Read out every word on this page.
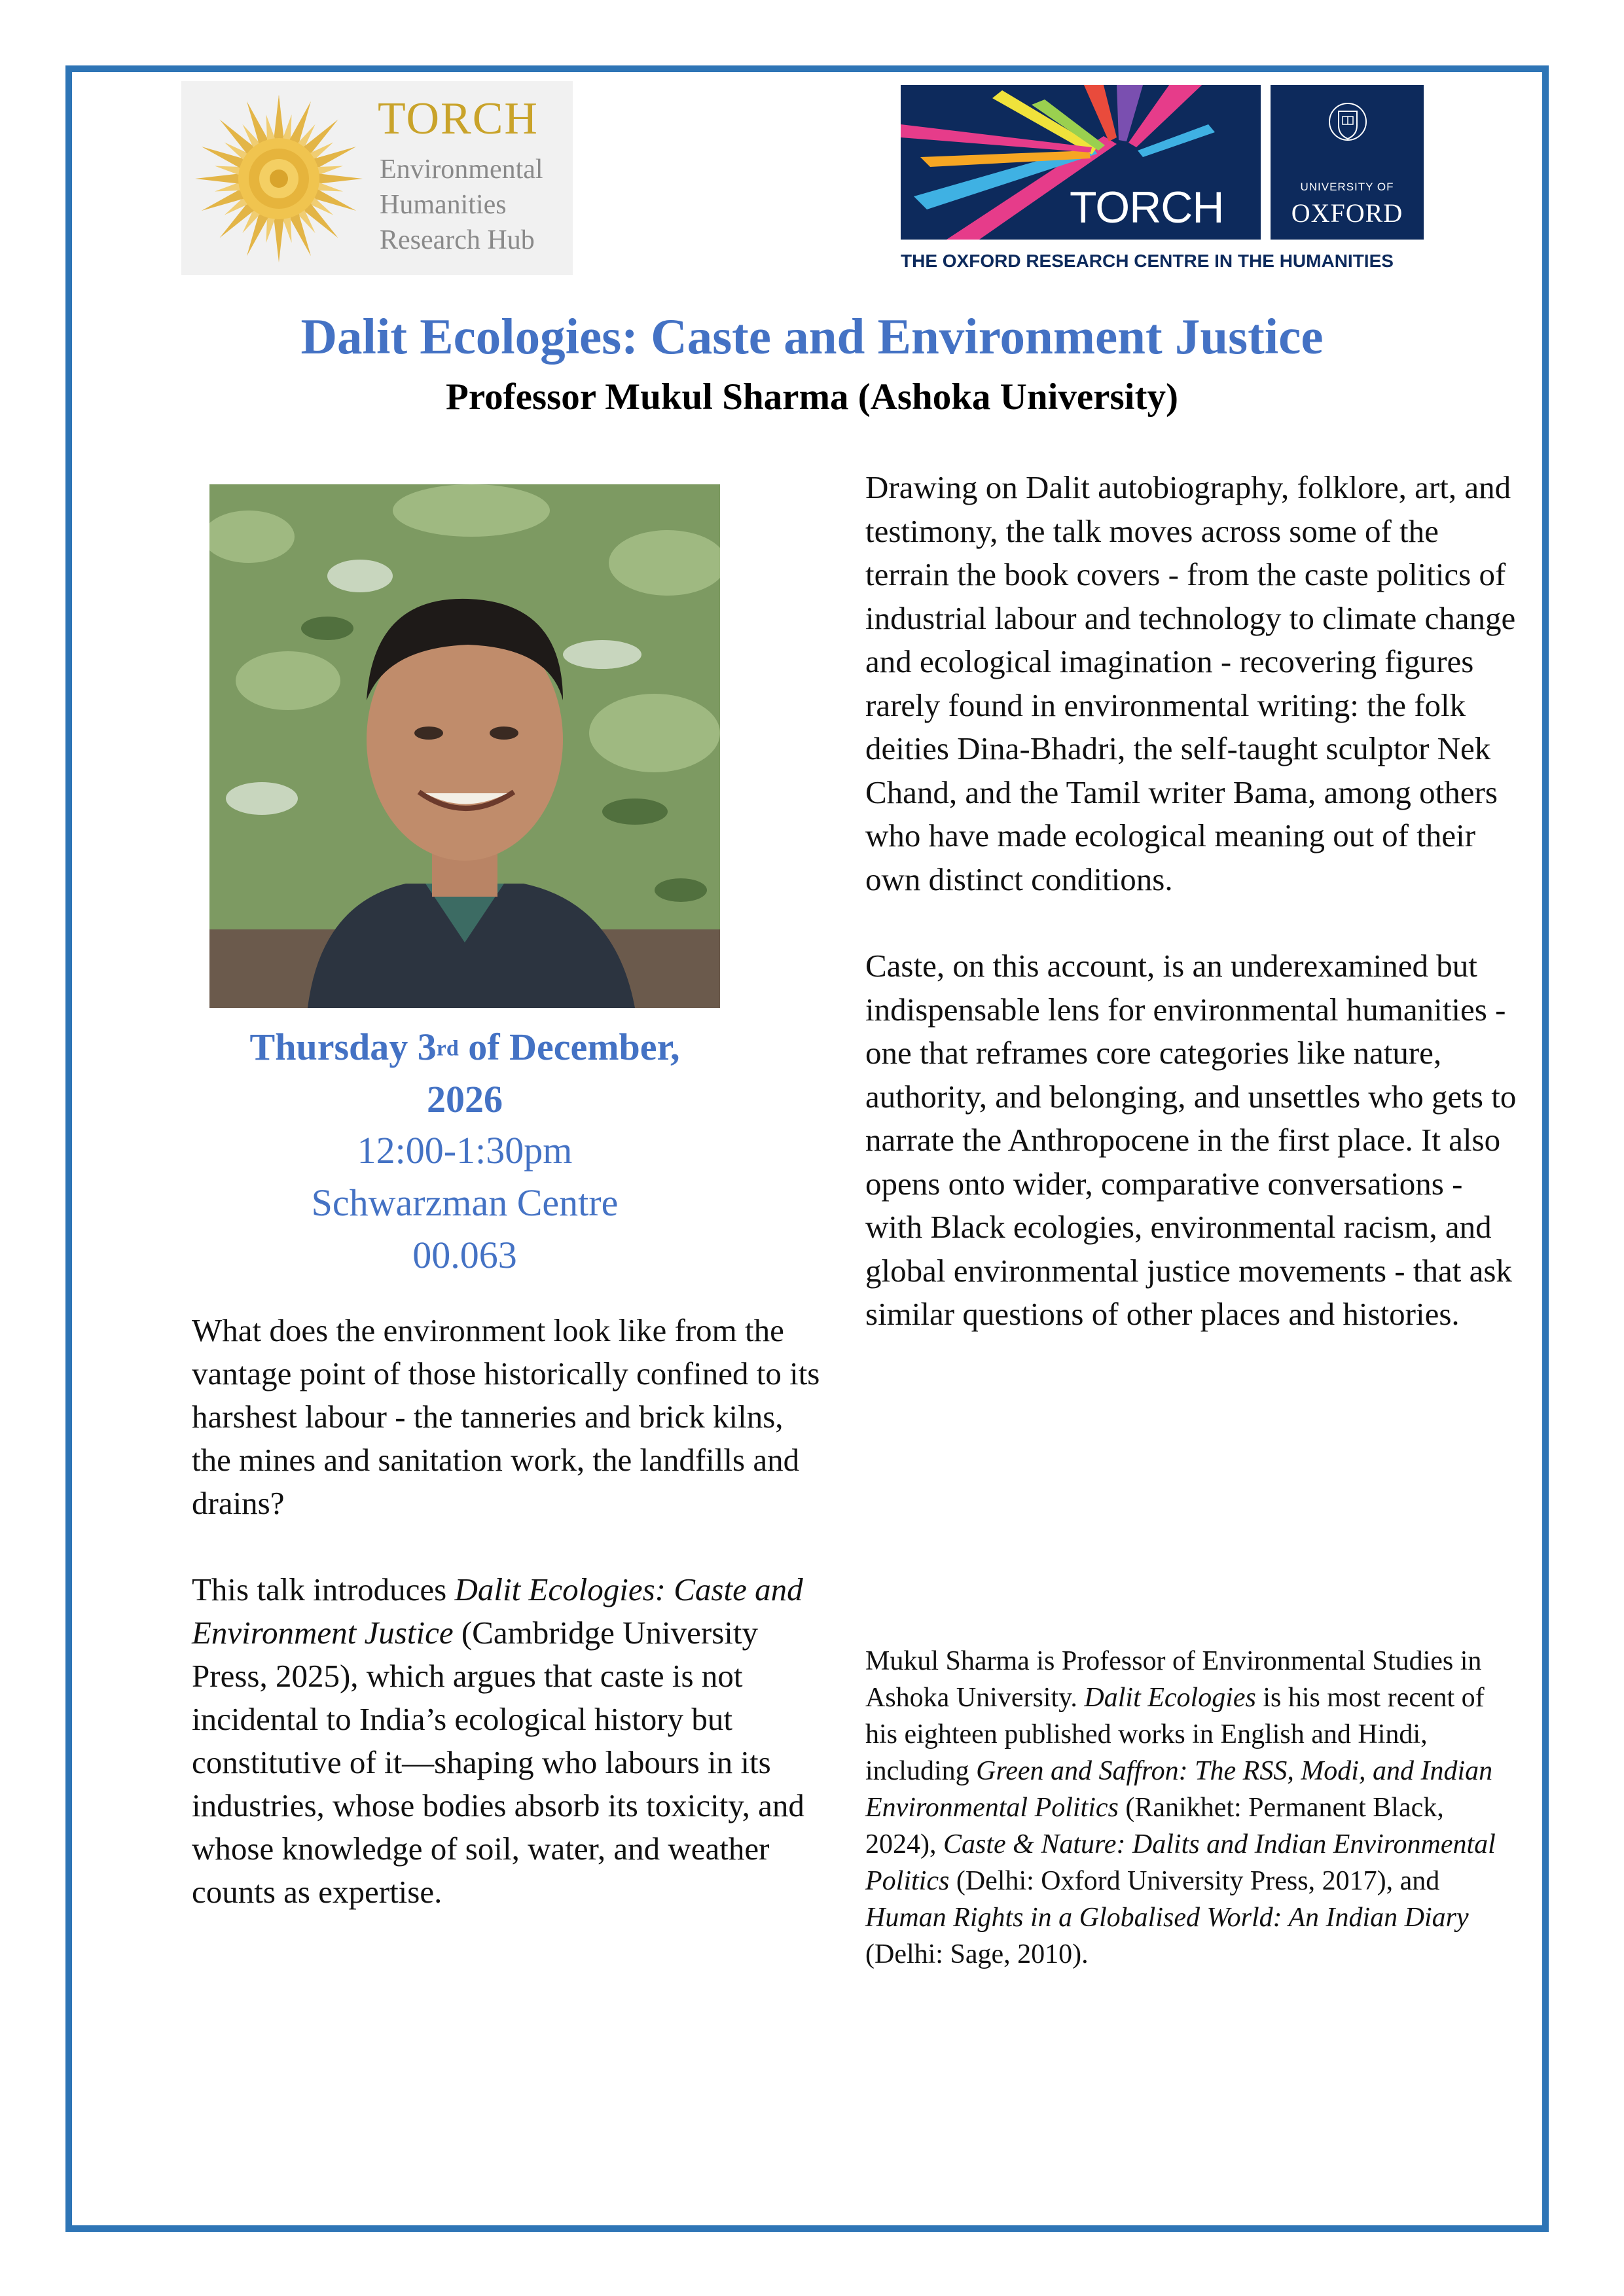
TORCH
Environmental
Humanities
Research Hub
TORCH	UNIVERSITY OF
OXFORD
THE OXFORD RESEARCH CENTRE IN THE HUMANITIES
Dalit Ecologies: Caste and Environment Justice
Professor Mukul Sharma (Ashoka University)
Thursday 3rd of December,
2026
12:00-1:30pm
Schwarzman Centre
00.063

What does the environment look like from the vantage point of those historically confined to its harshest labour - the tanneries and brick kilns, the mines and sanitation work, the landfills and drains?

This talk introduces Dalit Ecologies: Caste and Environment Justice (Cambridge University Press, 2025), which argues that caste is not incidental to India’s ecological history but constitutive of it—shaping who labours in its industries, whose bodies absorb its toxicity, and whose knowledge of soil, water, and weather counts as expertise.

Drawing on Dalit autobiography, folklore, art, and testimony, the talk moves across some of the terrain the book covers - from the caste politics of industrial labour and technology to climate change and ecological imagination - recovering figures rarely found in environmental writing: the folk deities Dina-Bhadri, the self-taught sculptor Nek Chand, and the Tamil writer Bama, among others who have made ecological meaning out of their own distinct conditions.

Caste, on this account, is an underexamined but indispensable lens for environmental humanities - one that reframes core categories like nature, authority, and belonging, and unsettles who gets to narrate the Anthropocene in the first place. It also opens onto wider, comparative conversations - with Black ecologies, environmental racism, and global environmental justice movements - that ask similar questions of other places and histories.

Mukul Sharma is Professor of Environmental Studies in Ashoka University. Dalit Ecologies is his most recent of his eighteen published works in English and Hindi, including Green and Saffron: The RSS, Modi, and Indian Environmental Politics (Ranikhet: Permanent Black, 2024), Caste & Nature: Dalits and Indian Environmental Politics (Delhi: Oxford University Press, 2017), and Human Rights in a Globalised World: An Indian Diary (Delhi: Sage, 2010).
